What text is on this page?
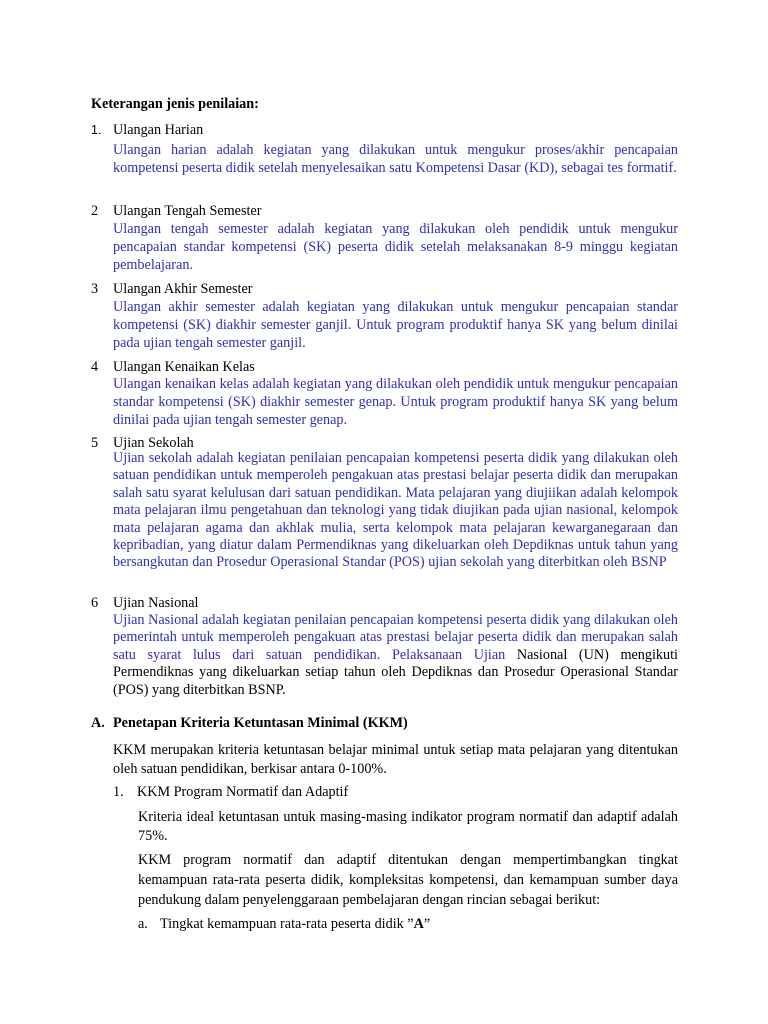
Keterangan jenis penilaian:
1. Ulangan Harian
Ulangan harian adalah kegiatan yang dilakukan untuk mengukur proses/akhir pencapaian kompetensi peserta didik setelah menyelesaikan satu Kompetensi Dasar (KD), sebagai tes formatif.
2 Ulangan Tengah Semester
Ulangan tengah semester adalah kegiatan yang dilakukan oleh pendidik untuk mengukur pencapaian standar kompetensi (SK) peserta didik setelah melaksanakan 8-9 minggu kegiatan pembelajaran.
3 Ulangan Akhir Semester
Ulangan akhir semester adalah kegiatan yang dilakukan untuk mengukur pencapaian standar kompetensi (SK) diakhir semester ganjil. Untuk program produktif hanya SK yang belum dinilai pada ujian tengah semester ganjil.
4 Ulangan Kenaikan Kelas
Ulangan kenaikan kelas adalah kegiatan yang dilakukan oleh pendidik untuk mengukur pencapaian standar kompetensi (SK) diakhir semester genap. Untuk program produktif hanya SK yang belum dinilai pada ujian tengah semester genap.
5 Ujian Sekolah
Ujian sekolah adalah kegiatan penilaian pencapaian kompetensi peserta didik yang dilakukan oleh satuan pendidikan untuk memperoleh pengakuan atas prestasi belajar peserta didik dan merupakan salah satu syarat kelulusan dari satuan pendidikan. Mata pelajaran yang diujiikan adalah kelompok mata pelajaran ilmu pengetahuan dan teknologi yang tidak diujikan pada ujian nasional, kelompok mata pelajaran agama dan akhlak mulia, serta kelompok mata pelajaran kewarganegaraan dan kepribadian, yang diatur dalam Permendiknas yang dikeluarkan oleh Depdiknas untuk tahun yang bersangkutan dan Prosedur Operasional Standar (POS) ujian sekolah yang diterbitkan oleh BSNP
6 Ujian Nasional
Ujian Nasional adalah kegiatan penilaian pencapaian kompetensi peserta didik yang dilakukan oleh pemerintah untuk memperoleh pengakuan atas prestasi belajar peserta didik dan merupakan salah satu syarat lulus dari satuan pendidikan. Pelaksanaan Ujian Nasional (UN) mengikuti Permendiknas yang dikeluarkan setiap tahun oleh Depdiknas dan Prosedur Operasional Standar (POS) yang diterbitkan BSNP.
A. Penetapan Kriteria Ketuntasan Minimal (KKM)
KKM merupakan kriteria ketuntasan belajar minimal untuk setiap mata pelajaran yang ditentukan oleh satuan pendidikan, berkisar antara 0-100%.
1. KKM Program Normatif dan Adaptif
Kriteria ideal ketuntasan untuk masing-masing indikator program normatif dan adaptif adalah 75%.
KKM program normatif dan adaptif ditentukan dengan mempertimbangkan tingkat kemampuan rata-rata peserta didik, kompleksitas kompetensi, dan kemampuan sumber daya pendukung dalam penyelenggaraan pembelajaran dengan rincian sebagai berikut:
a. Tingkat kemampuan rata-rata peserta didik ”A”
